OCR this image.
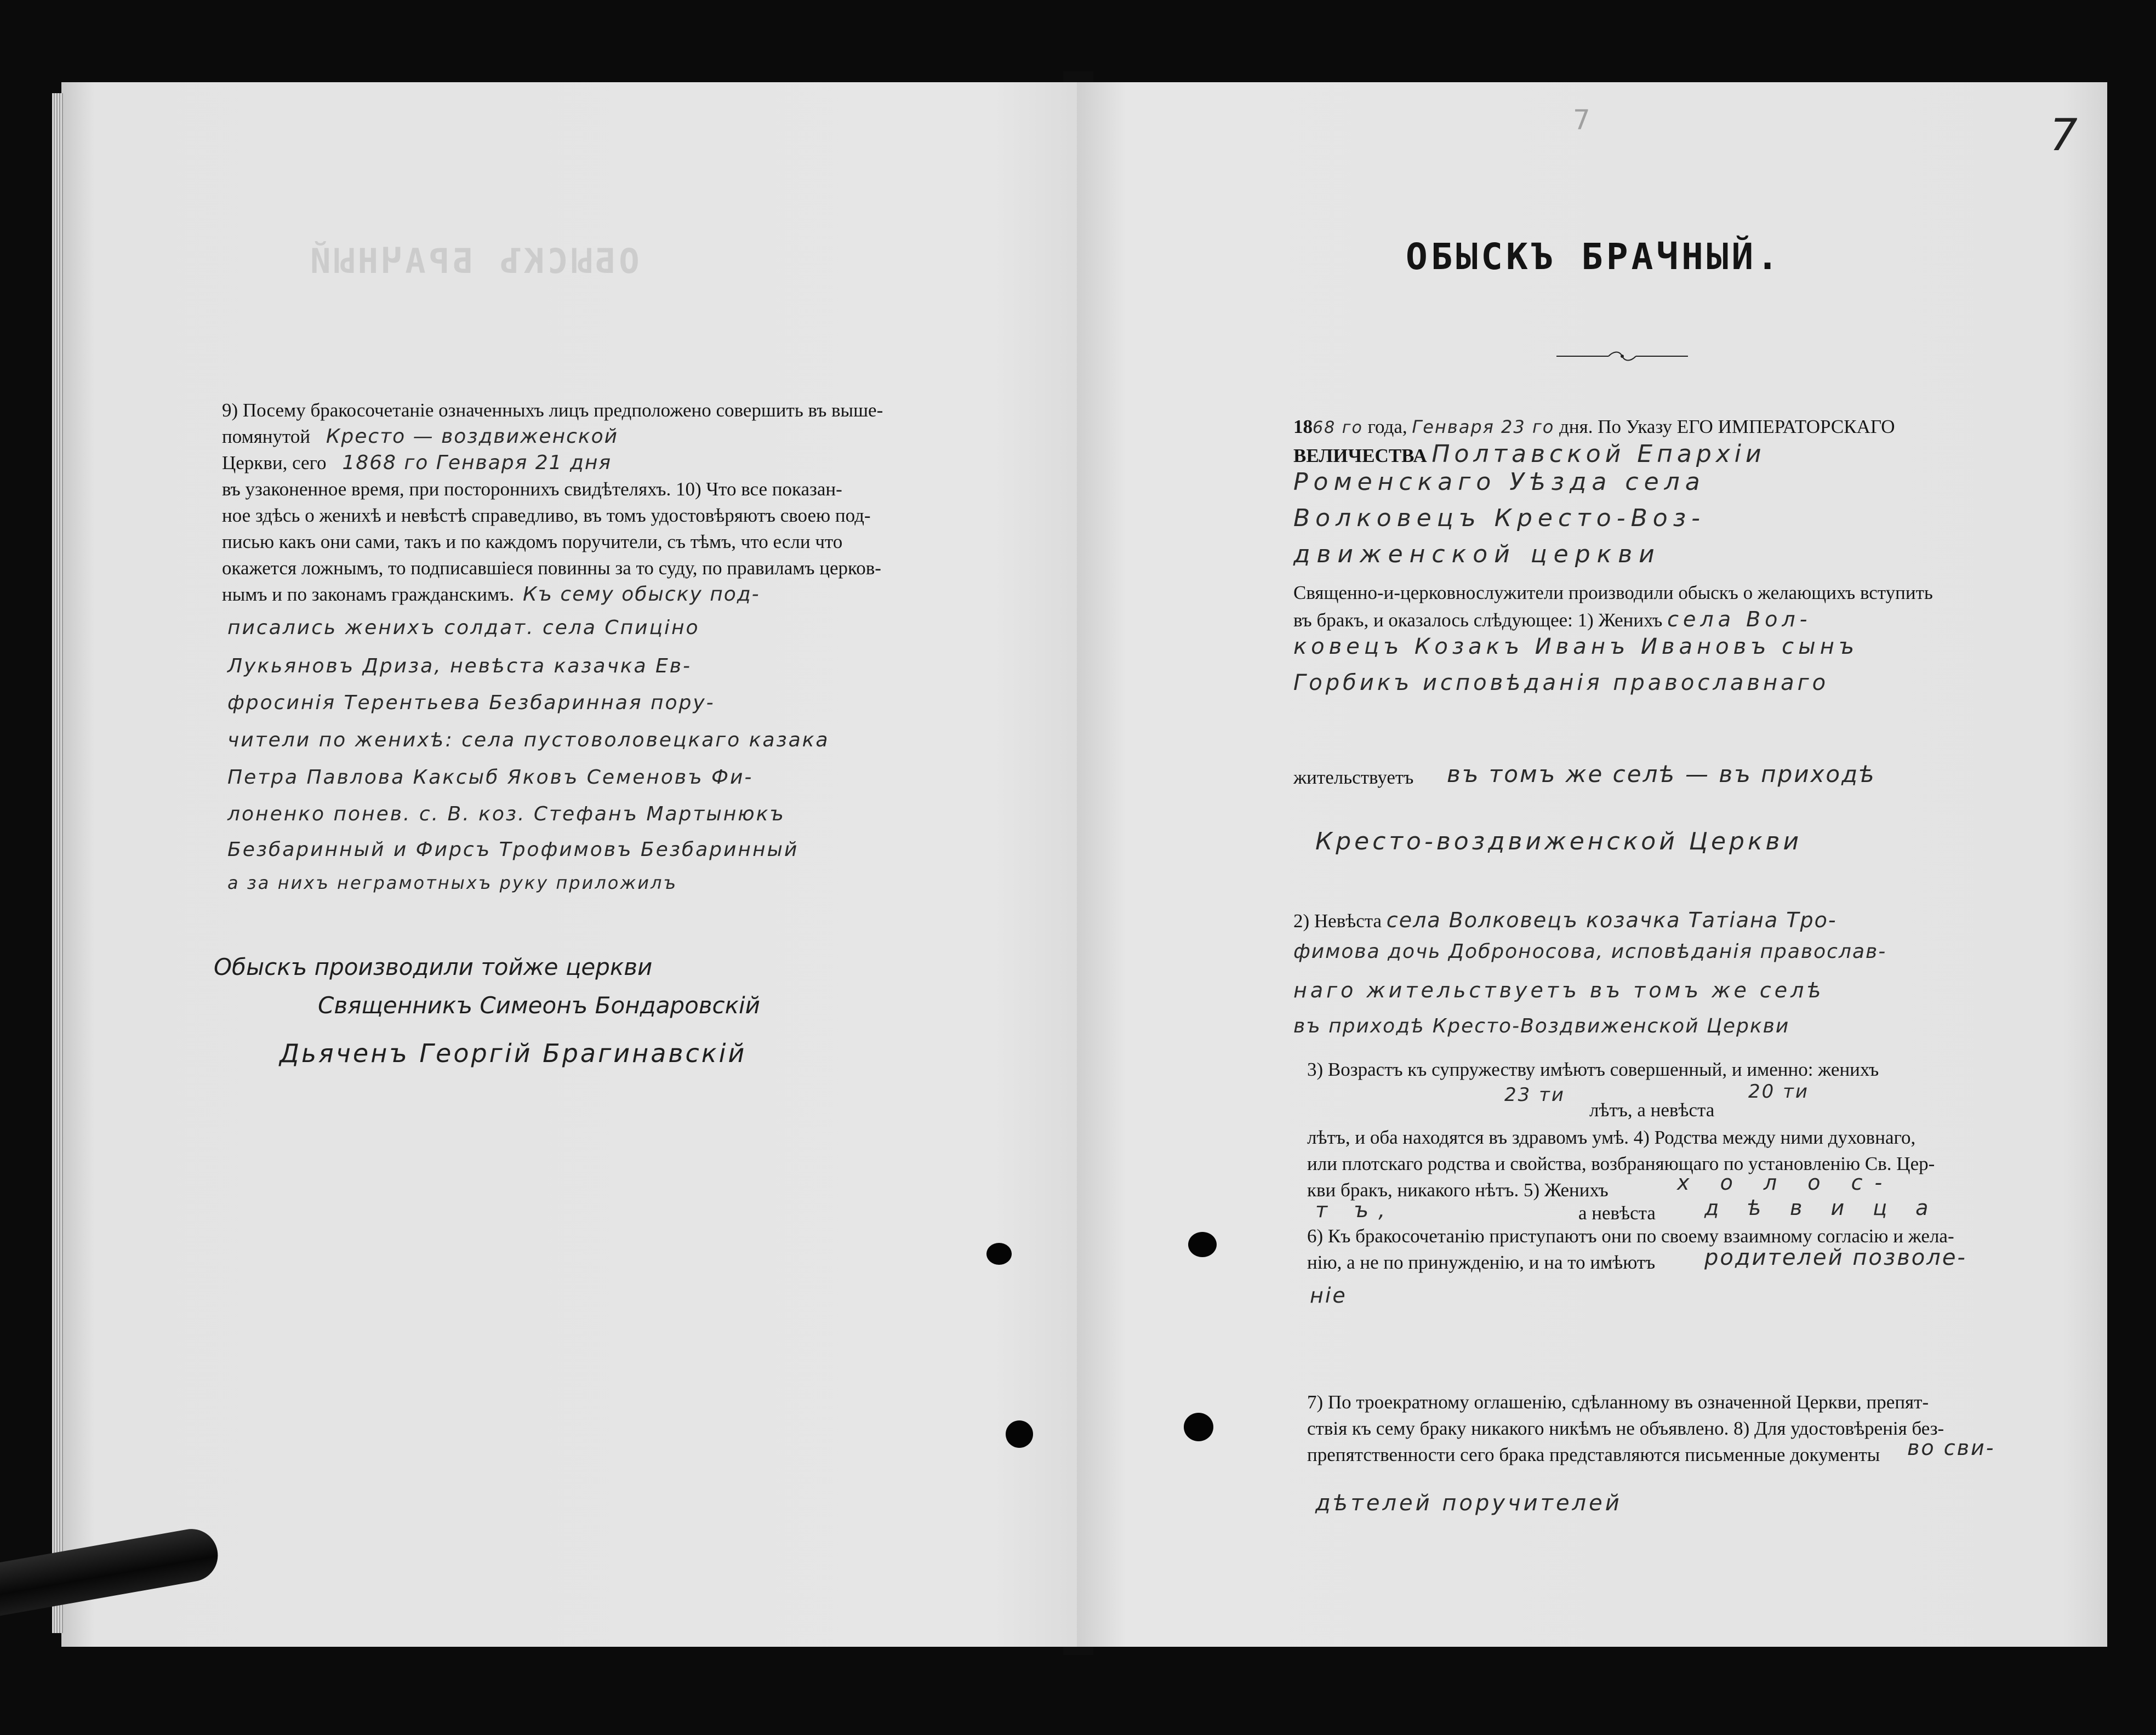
ОБЫСКЪ БРАЧНЫЙ
9) Посему бракосочетаніе означенныхъ лицъ предположено совершить въ выше-
помянутой Кресто — воздвиженской
Церкви, сего 1868 го Генваря 21 дня
въ узаконенное время, при постороннихъ свидѣтеляхъ. 10) Что все показан-
ное здѣсь о женихѣ и невѣстѣ справедливо, въ томъ удостовѣряютъ своею под-
писью какъ они сами, такъ и по каждомъ поручители, съ тѣмъ, что если что
окажется ложнымъ, то подписавшіеся повинны за то суду, по правиламъ церков-
нымъ и по законамъ гражданскимъ. Къ сему обыску под-
писались женихъ солдат. села Спиціно
Лукьяновъ Дриза, невѣста казачка Ев-
фросинія Терентьева Безбаринная пору-
чители по женихѣ: села пустоволовецкаго казака
Петра Павлова Каксыб Яковъ Семеновъ Фи-
лоненко понев. с. В. коз. Стефанъ Мартынюкъ
Безбаринный и Фирсъ Трофимовъ Безбаринный
а за нихъ неграмотныхъ руку приложилъ
Обыскъ производили тойже церкви
Священникъ Симеонъ Бондаровскій
Дьяченъ Георгій Брагинавскій
7	7
ОБЫСКЪ БРАЧНЫЙ.
1868 го года, Генваря 23 го дня. По Указу ЕГО ИМПЕРАТОРСКАГО
ВЕЛИЧЕСТВА Полтавской Епархіи
Роменскаго Уѣзда села
Волковецъ Кресто-Воз-
движенской церкви
Священно-и-церковнослужители производили обыскъ о желающихъ вступить
въ бракъ, и оказалось слѣдующее: 1) Женихъ села Вол-
ковецъ Козакъ Иванъ Ивановъ сынъ
Горбикъ исповѣданія православнаго
жительствуетъ въ томъ же селѣ — въ приходѣ
Кресто-воздвиженской Церкви
2) Невѣста села Волковецъ козачка Татіана Тро-
фимова дочь Доброносова, исповѣданія православ-
наго жительствуетъ въ томъ же селѣ
въ приходѣ Кресто-Воздвиженской Церкви
3) Возрастъ къ супружеству имѣютъ совершенный, и именно: женихъ
23 ти
лѣтъ, а невѣста
20 ти
лѣтъ, и оба находятся въ здравомъ умѣ. 4) Родства между ними духовнаго,
или плотскаго родства и свойства, возбраняющаго по установленію Св. Цер-
кви бракъ, никакого нѣтъ. 5) Женихъ	х о л о с-
т ъ,	а невѣста д ѣ в и ц а
6) Къ бракосочетанію приступаютъ они по своему взаимному согласію и жела-
нію, а не по принужденію, и на то имѣютъ родителей позволе-
ніе
7) По троекратному оглашенію, сдѣланному въ означенной Церкви, препят-
ствія къ сему браку никакого никѣмъ не объявлено. 8) Для удостовѣренія без-
препятственности сего брака представляются письменные документы во сви-
дѣтелей поручителей
